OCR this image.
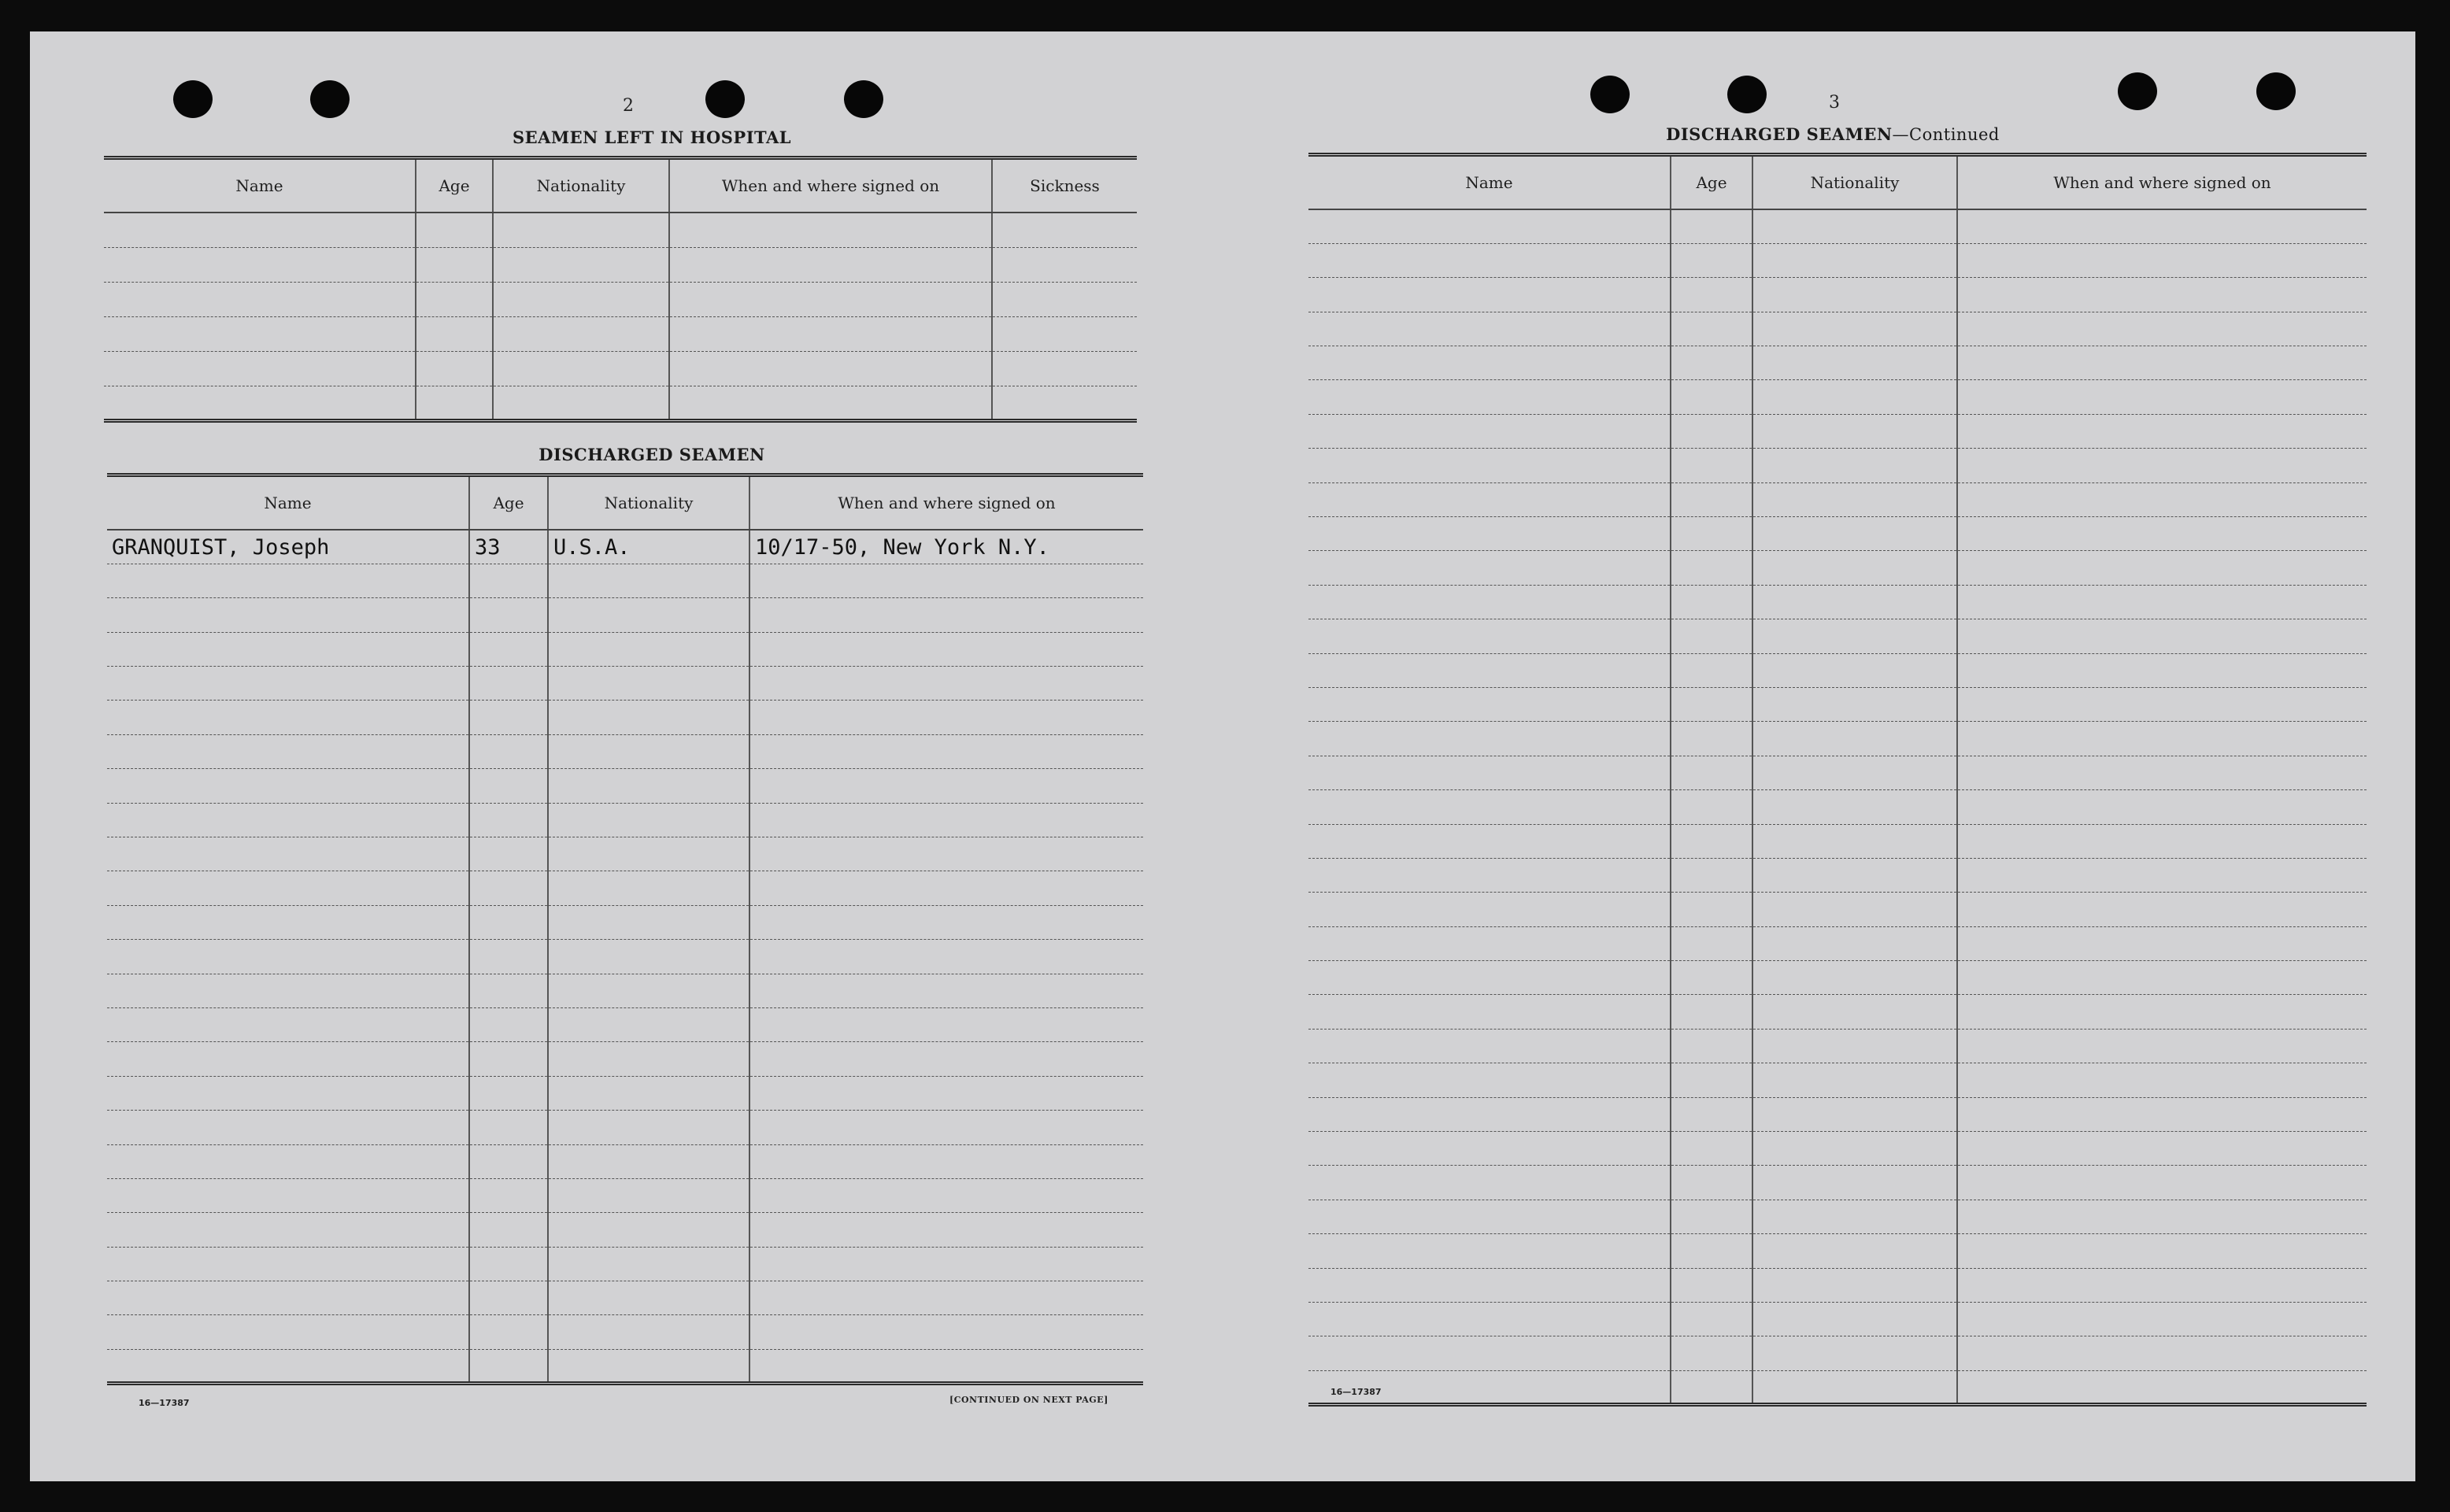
2
SEAMEN LEFT IN HOSPITAL
Name	Age	Nationality	When and where signed on	Sickness

DISCHARGED SEAMEN
Name	Age	Nationality	When and where signed on
GRANQUIST, Joseph	33	U.S.A.	10/17-50, New York N.Y.

16—17387	[CONTINUED ON NEXT PAGE]
3
DISCHARGED SEAMEN—Continued
Name	Age	Nationality	When and where signed on

16—17387
